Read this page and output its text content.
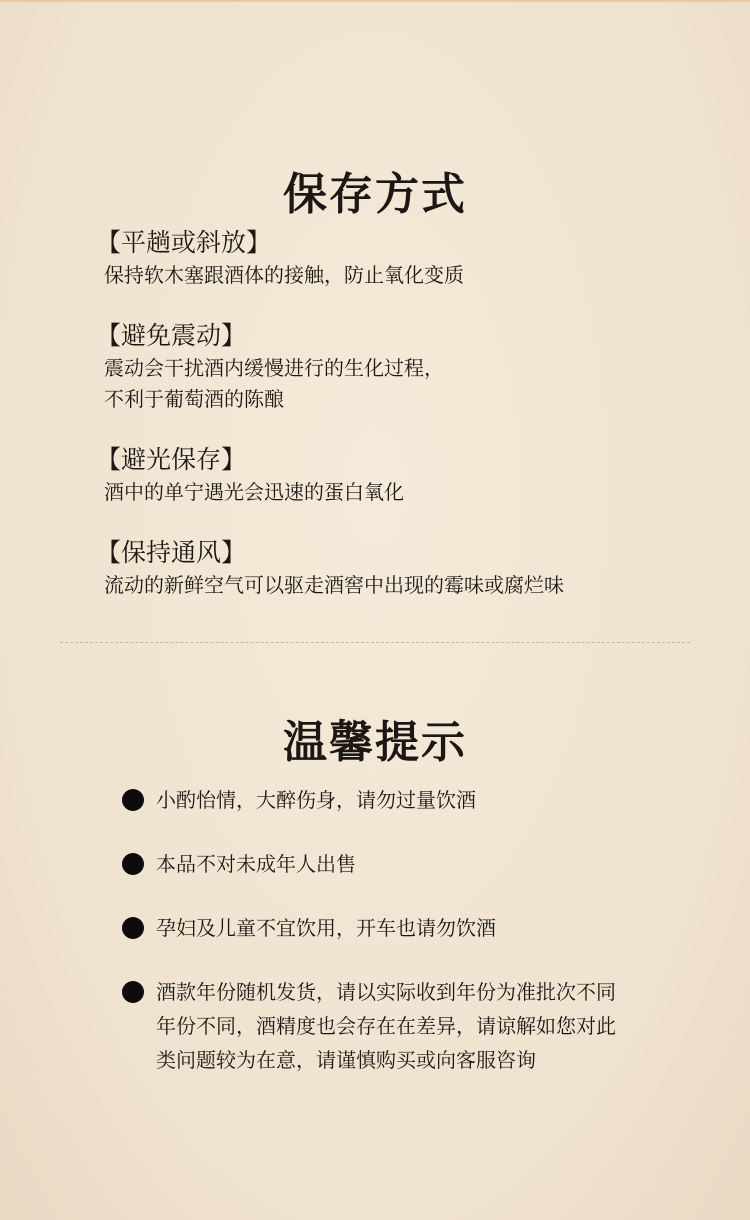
保存方式
【平趟或斜放】
保持软木塞跟酒体的接触，防止氧化变质
【避免震动】
震动会干扰酒内缓慢进行的生化过程，
不利于葡萄酒的陈酿
【避光保存】
酒中的单宁遇光会迅速的蛋白氧化
【保持通风】
流动的新鲜空气可以驱走酒窖中出现的霉味或腐烂味
温馨提示
小酌怡情，大醉伤身，请勿过量饮酒
本品不对未成年人出售
孕妇及儿童不宜饮用，开车也请勿饮酒
酒款年份随机发货，请以实际收到年份为准批次不同
年份不同，酒精度也会存在在差异，请谅解如您对此
类问题较为在意，请谨慎购买或向客服咨询
